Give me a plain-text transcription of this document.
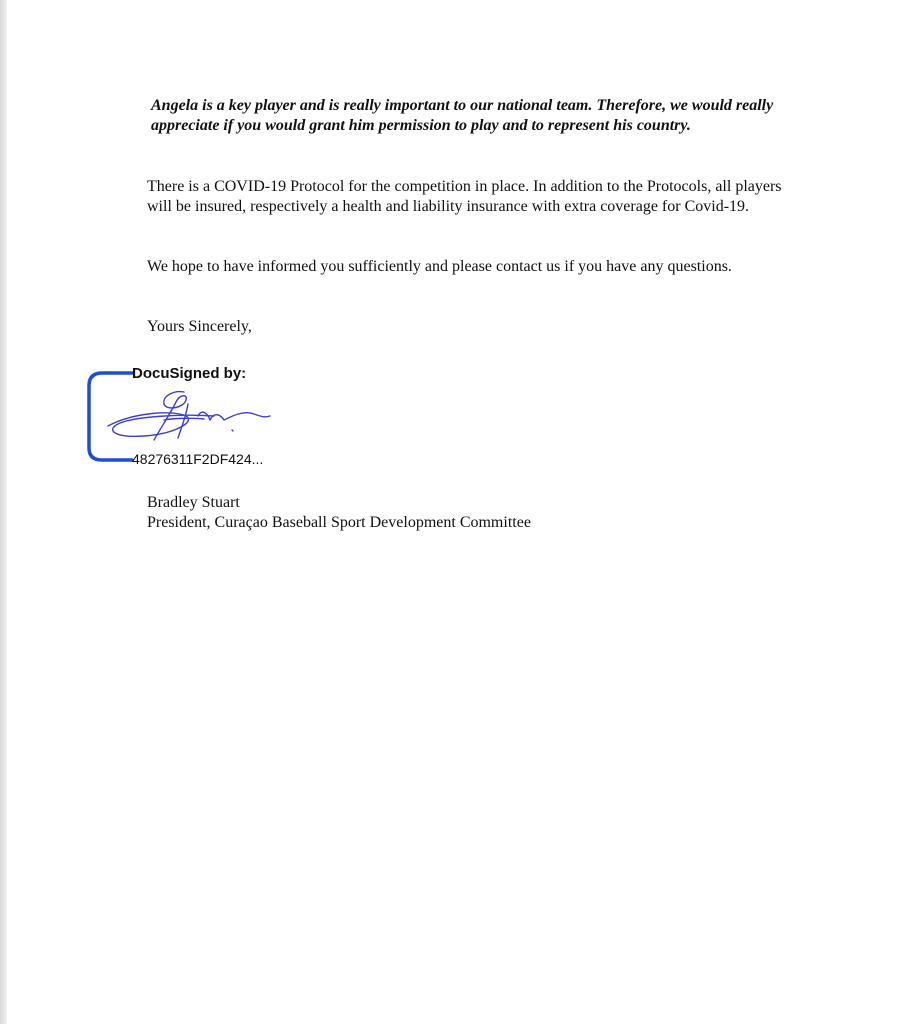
Angela is a key player and is really important to our national team. Therefore, we would really appreciate if you would grant him permission to play and to represent his country.

There is a COVID-19 Protocol for the competition in place. In addition to the Protocols, all players will be insured, respectively a health and liability insurance with extra coverage for Covid-19.

We hope to have informed you sufficiently and please contact us if you have any questions.

Yours Sincerely,

DocuSigned by:
48276311F2DF424...

Bradley Stuart

President, Curaçao Baseball Sport Development Committee
